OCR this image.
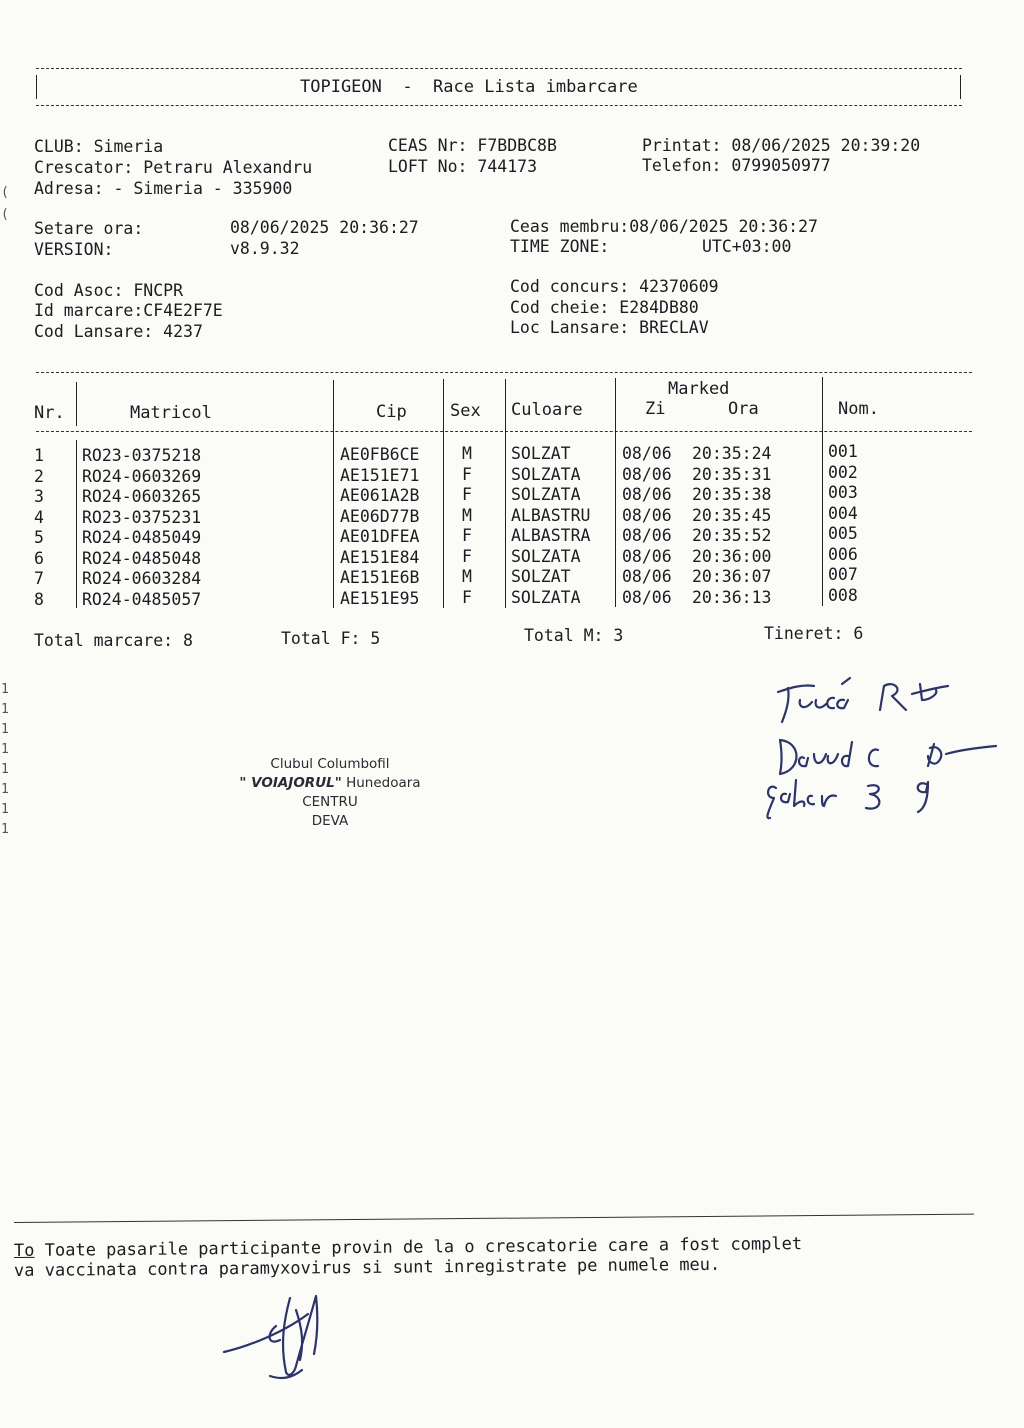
TOPIGEON  -  Race Lista imbarcare
CLUB: Simeria	CEAS Nr: F7BDBC8B	Printat: 08/06/2025 20:39:20
Crescator: Petraru Alexandru	LOFT No: 744173	Telefon: 0799050977
Adresa: - Simeria - 335900
Setare ora:	08/06/2025 20:36:27	Ceas membru:08/06/2025 20:36:27
VERSION:	v8.9.32	TIME ZONE:	UTC+03:00
Cod Asoc: FNCPR	Cod concurs: 42370609
Id marcare:CF4E2F7E	Cod cheie: E284DB80
Cod Lansare: 4237	Loc Lansare: BRECLAV
Nr.	Matricol	Cip	Sex Culoare
Marked
Zi	Ora	Nom.
1 RO23-0375218	AE0FB6CE	M SOLZAT	08/06 20:35:24	001
2 RO24-0603269	AE151E71	F SOLZATA	08/06 20:35:31	002
3 RO24-0603265	AE061A2B	F SOLZATA	08/06 20:35:38	003
4 RO23-0375231	AE06D77B	M ALBASTRU 08/06 20:35:45	004
5 RO24-0485049	AE01DFEA	F ALBASTRA 08/06 20:35:52	005
6 RO24-0485048	AE151E84	F SOLZATA	08/06 20:36:00	006
7 RO24-0603284	AE151E6B	M SOLZAT	08/06 20:36:07	007
8 RO24-0485057	AE151E95	F SOLZATA	08/06 20:36:13	008
Total marcare: 8	Total F: 5	Total M: 3	Tineret: 6
Clubul Columbofil
" VOIAJORUL" Hunedoara
CENTRU
DEVA
To Toate pasarile participante provin de la o crescatorie care a fost complet
va vaccinata contra paramyxovirus si sunt inregistrate pe numele meu.
(
(
1
1
1
1
1
1
1
1
